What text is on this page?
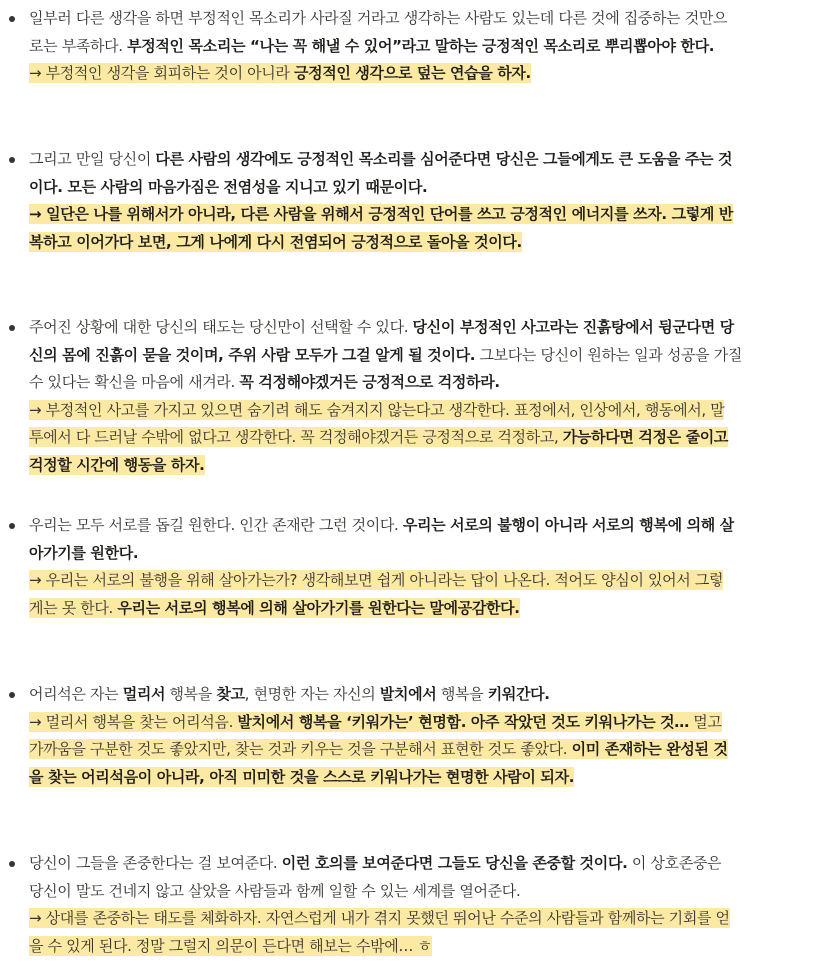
일부러 다른 생각을 하면 부정적인 목소리가 사라질 거라고 생각하는 사람도 있는데 다른 것에 집중하는 것만으
로는 부족하다. 부정적인 목소리는 “나는 꼭 해낼 수 있어”라고 말하는 긍정적인 목소리로 뿌리뽑아야 한다.
→ 부정적인 생각을 회피하는 것이 아니라 긍정적인 생각으로 덮는 연습을 하자.
그리고 만일 당신이 다른 사람의 생각에도 긍정적인 목소리를 심어준다면 당신은 그들에게도 큰 도움을 주는 것
이다. 모든 사람의 마음가짐은 전염성을 지니고 있기 때문이다.
→ 일단은 나를 위해서가 아니라, 다른 사람을 위해서 긍정적인 단어를 쓰고 긍정적인 에너지를 쓰자. 그렇게 반
복하고 이어가다 보면, 그게 나에게 다시 전염되어 긍정적으로 돌아올 것이다.
주어진 상황에 대한 당신의 태도는 당신만이 선택할 수 있다. 당신이 부정적인 사고라는 진흙탕에서 뒹군다면 당
신의 몸에 진흙이 묻을 것이며, 주위 사람 모두가 그걸 알게 될 것이다. 그보다는 당신이 원하는 일과 성공을 가질
수 있다는 확신을 마음에 새겨라. 꼭 걱정해야겠거든 긍정적으로 걱정하라.
→ 부정적인 사고를 가지고 있으면 숨기려 해도 숨겨지지 않는다고 생각한다. 표정에서, 인상에서, 행동에서, 말
투에서 다 드러날 수밖에 없다고 생각한다. 꼭 걱정해야겠거든 긍정적으로 걱정하고, 가능하다면 걱정은 줄이고
걱정할 시간에 행동을 하자.
우리는 모두 서로를 돕길 원한다. 인간 존재란 그런 것이다. 우리는 서로의 불행이 아니라 서로의 행복에 의해 살
아가기를 원한다.
→ 우리는 서로의 불행을 위해 살아가는가? 생각해보면 쉽게 아니라는 답이 나온다. 적어도 양심이 있어서 그렇
게는 못 한다. 우리는 서로의 행복에 의해 살아가기를 원한다는 말에공감한다.
어리석은 자는 멀리서 행복을 찾고, 현명한 자는 자신의 발치에서 행복을 키워간다.
→ 멀리서 행복을 찾는 어리석음. 발치에서 행복을 ‘키워가는’ 현명함. 아주 작았던 것도 키워나가는 것… 멀고
가까움을 구분한 것도 좋았지만, 찾는 것과 키우는 것을 구분해서 표현한 것도 좋았다. 이미 존재하는 완성된 것
을 찾는 어리석음이 아니라, 아직 미미한 것을 스스로 키워나가는 현명한 사람이 되자.
당신이 그들을 존중한다는 걸 보여준다. 이런 호의를 보여준다면 그들도 당신을 존중할 것이다. 이 상호존중은
당신이 말도 건네지 않고 살았을 사람들과 함께 일할 수 있는 세계를 열어준다.
→ 상대를 존중하는 태도를 체화하자. 자연스럽게 내가 겪지 못했던 뛰어난 수준의 사람들과 함께하는 기회를 얻
을 수 있게 된다. 정말 그럴지 의문이 든다면 해보는 수밖에… ㅎ
